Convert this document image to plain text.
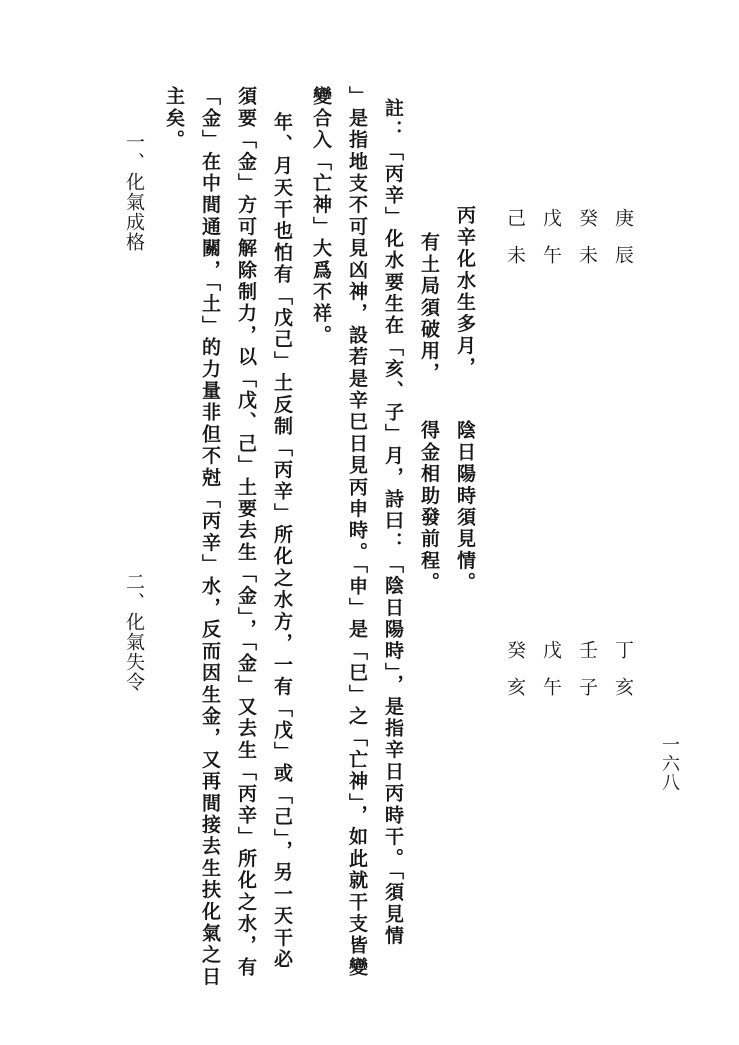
一六八
庚辰
癸未
戊午
己未
丁亥
壬子
戊午
癸亥
丙辛化水生多月，
陰日陽時須見情。
有土局須破用，
得金相助發前程。
註：「丙辛」化水要生在「亥、子」月，詩曰：「陰日陽時」，是指辛日丙時干。「須見情
」是指地支不可見凶神，設若是辛巳日見丙申時。「申」是「巳」之「亡神」，如此就干支皆變
變合入「亡神」大爲不祥。
年、月天干也怕有「戊己」土反制「丙辛」所化之水方，一有「戊」或「己」，另一天干必
須要「金」方可解除制力，以「戊、己」土要去生「金」，「金」又去生「丙辛」所化之水，有
「金」在中間通關，「土」的力量非但不尅「丙辛」水，反而因生金，又再間接去生扶化氣之日
主矣。
一、化氣成格
二、化氣失令
